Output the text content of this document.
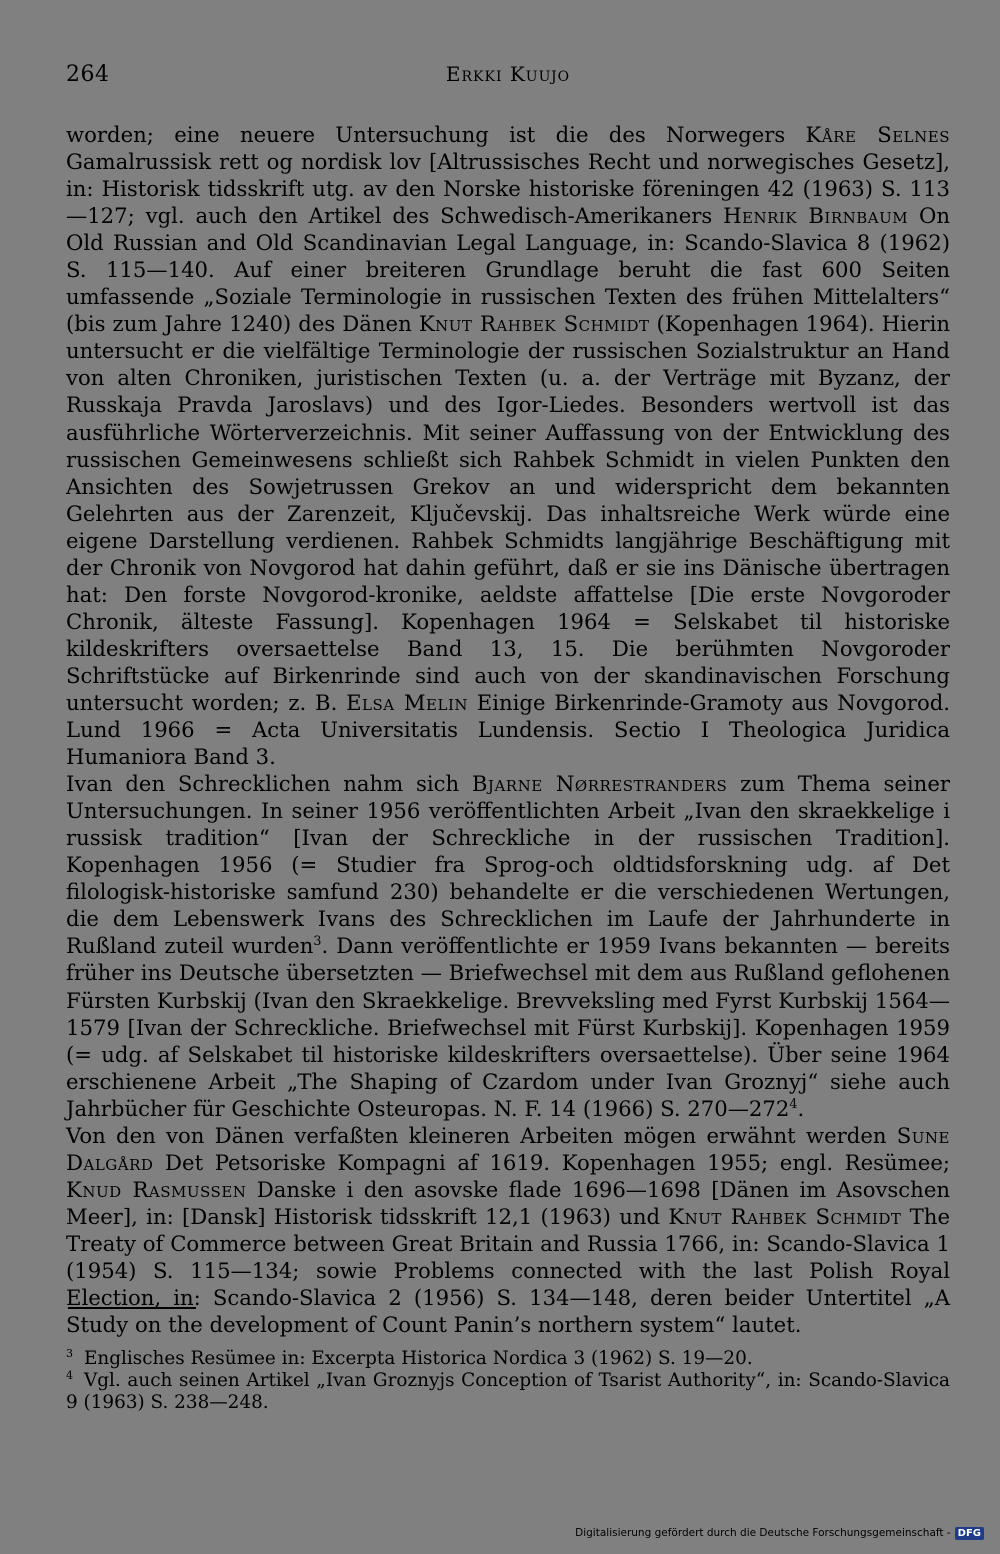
264	Erkki Kuujo

worden; eine neuere Untersuchung ist die des Norwegers Kåre Selnes Gamalrussisk rett og nordisk lov [Altrussisches Recht und norwegisches Gesetz], in: Historisk tidsskrift utg. av den Norske historiske föreningen 42 (1963) S. 113—127; vgl. auch den Artikel des Schwedisch-Amerikaners Henrik Birnbaum On Old Russian and Old Scandinavian Legal Language, in: Scando-Slavica 8 (1962) S. 115—140. Auf einer breiteren Grundlage beruht die fast 600 Seiten umfassende „Soziale Terminologie in russischen Texten des frühen Mittelalters“ (bis zum Jahre 1240) des Dänen Knut Rahbek Schmidt (Kopenhagen 1964). Hierin untersucht er die vielfältige Terminologie der russischen Sozialstruktur an Hand von alten Chroniken, juristischen Texten (u. a. der Verträge mit Byzanz, der Russkaja Pravda Jaroslavs) und des Igor-Liedes. Besonders wertvoll ist das ausführliche Wörterverzeichnis. Mit seiner Auffassung von der Entwicklung des russischen Gemeinwesens schließt sich Rahbek Schmidt in vielen Punkten den Ansichten des Sowjetrussen Grekov an und widerspricht dem bekannten Gelehrten aus der Zarenzeit, Ključevskij. Das inhaltsreiche Werk würde eine eigene Darstellung verdienen. Rahbek Schmidts langjährige Beschäftigung mit der Chronik von Novgorod hat dahin geführt, daß er sie ins Dänische übertragen hat: Den forste Novgorod-kronike, aeldste affattelse [Die erste Novgoroder Chronik, älteste Fassung]. Kopenhagen 1964 = Selskabet til historiske kildeskrifters oversaettelse Band 13, 15. Die berühmten Novgoroder Schriftstücke auf Birkenrinde sind auch von der skandinavischen Forschung untersucht worden; z. B. Elsa Melin Einige Birkenrinde-Gramoty aus Novgorod. Lund 1966 = Acta Universitatis Lundensis. Sectio I Theologica Juridica Humaniora Band 3.

Ivan den Schrecklichen nahm sich Bjarne Nørrestranders zum Thema seiner Untersuchungen. In seiner 1956 veröffentlichten Arbeit „Ivan den skraekkelige i russisk tradition“ [Ivan der Schreckliche in der russischen Tradition]. Kopenhagen 1956 (= Studier fra Sprog-och oldtidsforskning udg. af Det filologisk-historiske samfund 230) behandelte er die verschiedenen Wertungen, die dem Lebenswerk Ivans des Schrecklichen im Laufe der Jahrhunderte in Rußland zuteil wurden$^3$. Dann veröffentlichte er 1959 Ivans bekannten — bereits früher ins Deutsche übersetzten — Briefwechsel mit dem aus Rußland geflohenen Fürsten Kurbskij (Ivan den Skraekkelige. Brevveksling med Fyrst Kurbskij 1564—1579 [Ivan der Schreckliche. Briefwechsel mit Fürst Kurbskij]. Kopenhagen 1959 (= udg. af Selskabet til historiske kildeskrifters oversaettelse). Über seine 1964 erschienene Arbeit „The Shaping of Czardom under Ivan Groznyj“ siehe auch Jahrbücher für Geschichte Osteuropas. N. F. 14 (1966) S. $270—272^4$.

Von den von Dänen verfaßten kleineren Arbeiten mögen erwähnt werden Sune Dalgård Det Petsoriske Kompagni af 1619. Kopenhagen 1955; engl. Resümee; Knud Rasmussen Danske i den asovske flade 1696—1698 [Dänen im Asovschen Meer], in: [Dansk] Historisk tidsskrift 12,1 (1963) und Knut Rahbek Schmidt The Treaty of Commerce between Great Britain and Russia 1766, in: Scando-Slavica 1 (1954) S. 115—134; sowie Problems connected with the last Polish Royal Election, in: Scando-Slavica 2 (1956) S. 134—148, deren beider Untertitel „A Study on the development of Count Panin’s northern system“ lautet.

$^3$ Englisches Resümee in: Excerpta Historica Nordica 3 (1962) S. 19—20.

$^4$ Vgl. auch seinen Artikel „Ivan Groznyjs Conception of Tsarist Authority“, in: Scando-Slavica 9 (1963) S. 238—248.

Digitalisierung gefördert durch die Deutsche Forschungsgemeinschaft - DFG
